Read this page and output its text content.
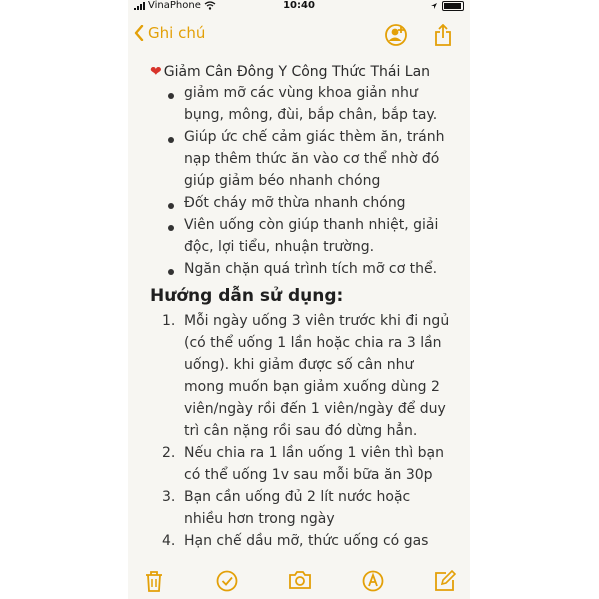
VinaPhone	10:40
Ghi chú
❤ Giảm Cân Đông Y Công Thức Thái Lan
giảm mỡ các vùng khoa giản như
bụng, mông, đùi, bắp chân, bắp tay.
Giúp ức chế cảm giác thèm ăn, tránh
nạp thêm thức ăn vào cơ thể nhờ đó
giúp giảm béo nhanh chóng
Đốt cháy mỡ thừa nhanh chóng
Viên uống còn giúp thanh nhiệt, giải
độc, lợi tiểu, nhuận trường.
Ngăn chặn quá trình tích mỡ cơ thể.
Hướng dẫn sử dụng:
1. Mỗi ngày uống 3 viên trước khi đi ngủ
(có thể uống 1 lần hoặc chia ra 3 lần
uống). khi giảm được số cân như
mong muốn bạn giảm xuống dùng 2
viên/ngày rồi đến 1 viên/ngày để duy
trì cân nặng rồi sau đó dừng hẳn.
2. Nếu chia ra 1 lần uống 1 viên thì bạn
có thể uống 1v sau mỗi bữa ăn 30p
3. Bạn cần uống đủ 2 lít nước hoặc
nhiều hơn trong ngày
4. Hạn chế dầu mỡ, thức uống có gas
